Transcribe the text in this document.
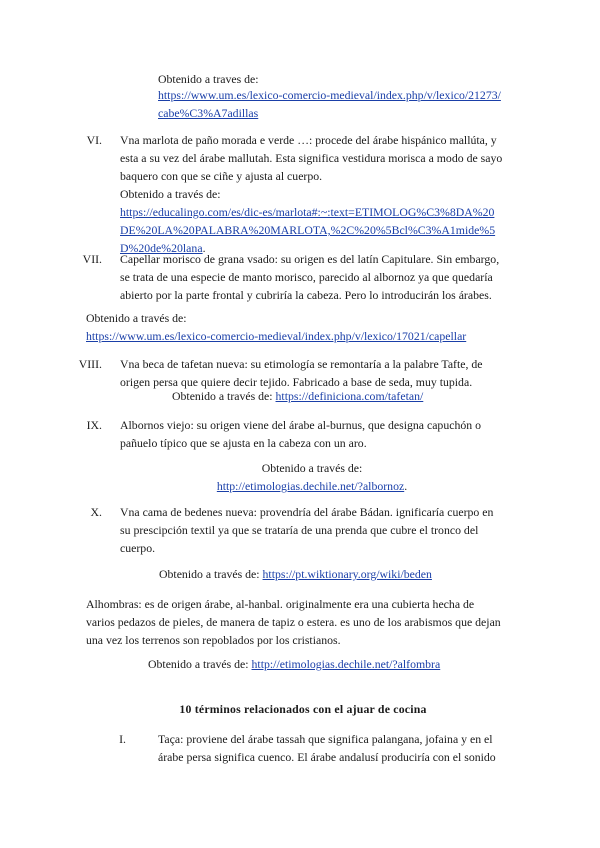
Obtenido a traves de:
https://www.um.es/lexico-comercio-medieval/index.php/v/lexico/21273/
cabe%C3%A7adillas
VI. Vna marlota de paño morada e verde …: procede del árabe hispánico mallúta, y
esta a su vez del árabe mallutah. Esta significa vestidura morisca a modo de sayo
baquero con que se ciñe y ajusta al cuerpo.
Obtenido a través de:
https://educalingo.com/es/dic-es/marlota#:~:text=ETIMOLOG%C3%8DA%20
DE%20LA%20PALABRA%20MARLOTA,%2C%20%5Bcl%C3%A1mide%5
D%20de%20lana.
VII. Capellar morisco de grana vsado: su origen es del latín Capitulare. Sin embargo,
se trata de una especie de manto morisco, parecido al albornoz ya que quedaría
abierto por la parte frontal y cubriría la cabeza. Pero lo introducirán los árabes.
Obtenido a través de:
https://www.um.es/lexico-comercio-medieval/index.php/v/lexico/17021/capellar
VIII. Vna beca de tafetan nueva: su etimología se remontaría a la palabre Tafte, de
origen persa que quiere decir tejido. Fabricado a base de seda, muy tupida.
Obtenido a través de: https://definiciona.com/tafetan/
IX. Albornos viejo: su origen viene del árabe al-burnus, que designa capuchón o
pañuelo típico que se ajusta en la cabeza con un aro.
Obtenido a través de:
http://etimologias.dechile.net/?albornoz.
X. Vna cama de bedenes nueva: provendría del árabe Bádan. ignificaría cuerpo en
su prescipción textil ya que se trataría de una prenda que cubre el tronco del
cuerpo.
Obtenido a través de: https://pt.wiktionary.org/wiki/beden
Alhombras: es de origen árabe, al-hanbal. originalmente era una cubierta hecha de
varios pedazos de pieles, de manera de tapiz o estera. es uno de los arabismos que dejan
una vez los terrenos son repoblados por los cristianos.
Obtenido a través de: http://etimologias.dechile.net/?alfombra
10 términos relacionados con el ajuar de cocina
I.	Taça: proviene del árabe tassah que significa palangana, jofaina y en el
árabe persa significa cuenco. El árabe andalusí produciría con el sonido
